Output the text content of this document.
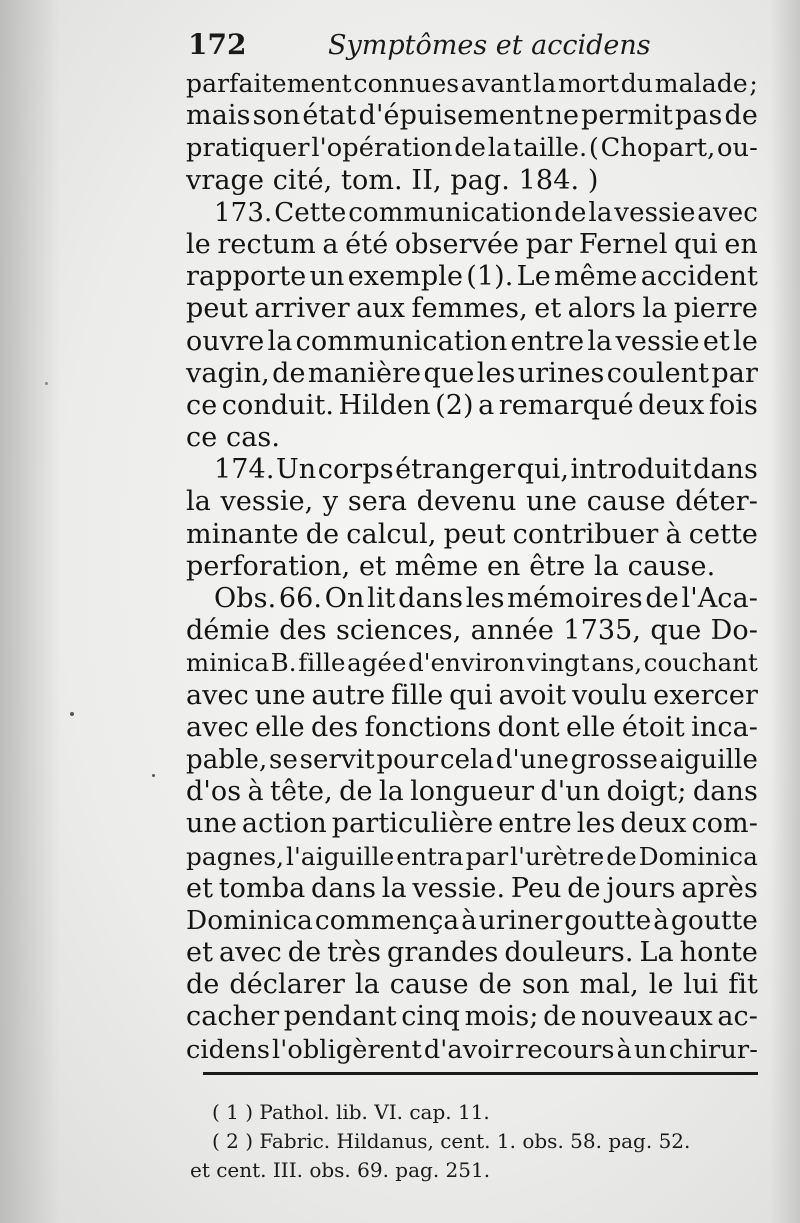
172	Symptômes et accidens
parfaitement connues avant la mort du malade ;
mais son état d'épuisement ne permit pas de
pratiquer l'opération de la taille. ( Chopart, ou-
vrage cité, tom. II, pag. 184. )
173. Cette communication de la vessie avec
le rectum a été observée par Fernel qui en
rapporte un exemple (1). Le même accident
peut arriver aux femmes, et alors la pierre
ouvre la communication entre la vessie et le
vagin, de manière que les urines coulent par
ce conduit. Hilden (2) a remarqué deux fois
ce cas.
174. Un corps étranger qui, introduit dans
la vessie, y sera devenu une cause déter-
minante de calcul, peut contribuer à cette
perforation, et même en être la cause.
Obs. 66. On lit dans les mémoires de l'Aca-
démie des sciences, année 1735, que Do-
minica B. fille agée d'environ vingt ans, couchant
avec une autre fille qui avoit voulu exercer
avec elle des fonctions dont elle étoit inca-
pable, se servit pour cela d'une grosse aiguille
d'os à tête, de la longueur d'un doigt; dans
une action particulière entre les deux com-
pagnes, l'aiguille entra par l'urètre de Dominica
et tomba dans la vessie. Peu de jours après
Dominica commença à uriner goutte à goutte
et avec de très grandes douleurs. La honte
de déclarer la cause de son mal, le lui fit
cacher pendant cinq mois; de nouveaux ac-
cidens l'obligèrent d'avoir recours à un chirur-
( 1 ) Pathol. lib. VI. cap. 11.
( 2 ) Fabric. Hildanus, cent. 1. obs. 58. pag. 52.
et cent. III. obs. 69. pag. 251.
